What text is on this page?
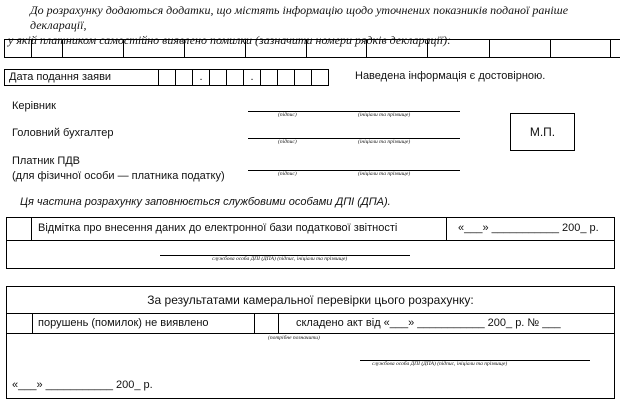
До розрахунку додаються додатки, що містять інформацію щодо уточнених показників поданої раніше декларації,
у якій платником самостійно виявлено помилки (зазначити номери рядків декларації):
Дата подання заяви	.	.	Наведена інформація є достовірною.
Керівник
(підпис)	(ініціали та прізвище)
Головний бухгалтер
(підпис)	(ініціали та прізвище)
Платник ПДВ
(для фізичної особи — платника податку)	(підпис)	(ініціали та прізвище)
М.П.
Ця частина розрахунку заповнюється службовими особами ДПІ (ДПА).
Відмітка про внесення даних до електронної бази податкової звітності	«___» ___________ 200_ р.
службова особа ДПІ (ДПА) (підпис, ініціали та прізвище)
За результатами камеральної перевірки цього розрахунку:
порушень (помилок) не виявлено	складено акт від «___» ___________ 200_ р. № ___
(потрібне позначити)
службова особа ДПІ (ДПА) (підпис, ініціали та прізвище)
«___» ___________ 200_ р.
